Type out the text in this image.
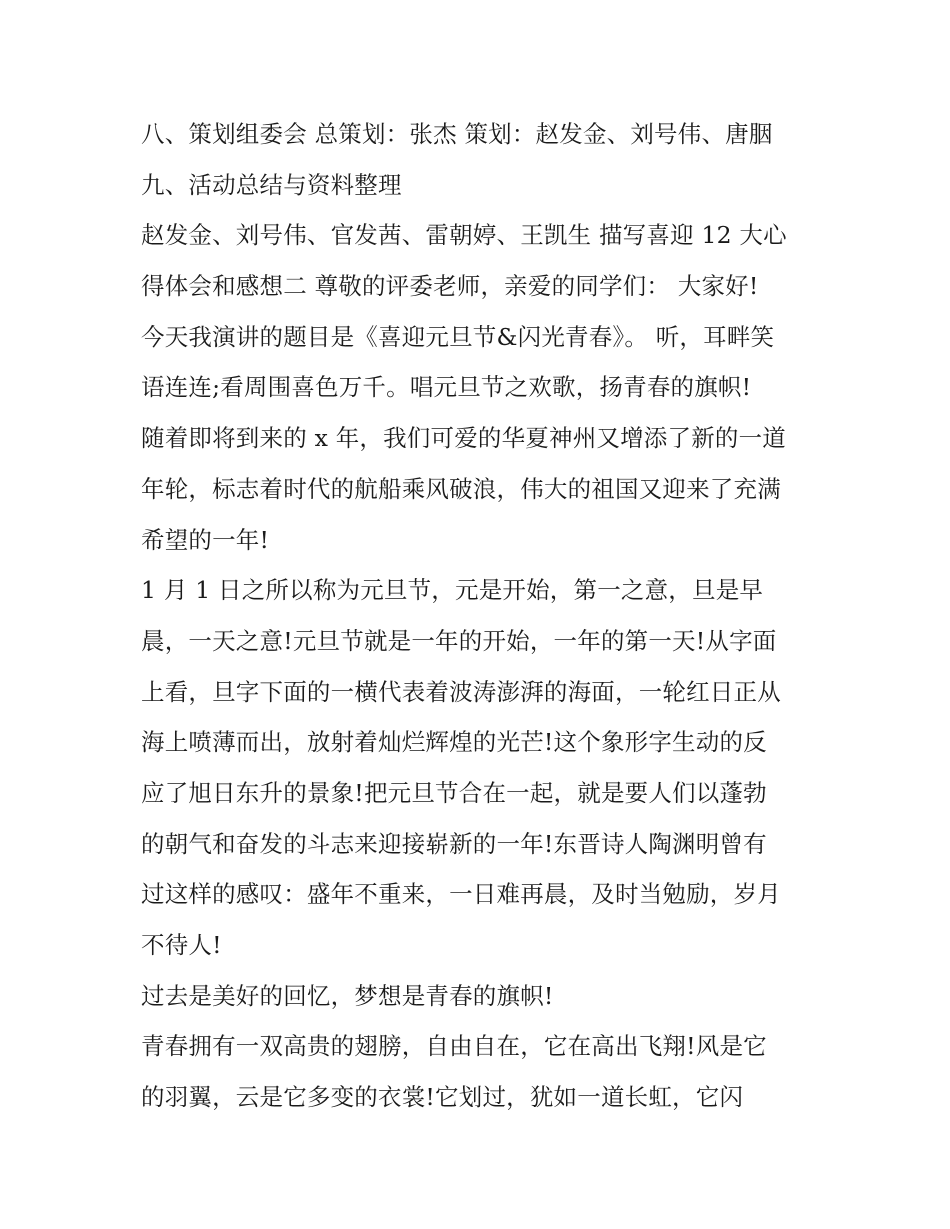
八、策划组委会 总策划：张杰 策划：赵发金、刘号伟、唐胭
九、活动总结与资料整理
赵发金、刘号伟、官发茜、雷朝婷、王凯生 描写喜迎 12 大心
得体会和感想二 尊敬的评委老师，亲爱的同学们： 大家好!
今天我演讲的题目是《喜迎元旦节&闪光青春》。 听，耳畔笑
语连连;看周围喜色万千。唱元旦节之欢歌，扬青春的旗帜!
随着即将到来的 x 年，我们可爱的华夏神州又增添了新的一道
年轮，标志着时代的航船乘风破浪，伟大的祖国又迎来了充满
希望的一年!
1 月 1 日之所以称为元旦节，元是开始，第一之意，旦是早
晨，一天之意!元旦节就是一年的开始，一年的第一天!从字面
上看，旦字下面的一横代表着波涛澎湃的海面，一轮红日正从
海上喷薄而出，放射着灿烂辉煌的光芒!这个象形字生动的反
应了旭日东升的景象!把元旦节合在一起，就是要人们以蓬勃
的朝气和奋发的斗志来迎接崭新的一年!东晋诗人陶渊明曾有
过这样的感叹：盛年不重来，一日难再晨，及时当勉励，岁月
不待人!
过去是美好的回忆，梦想是青春的旗帜!
青春拥有一双高贵的翅膀，自由自在，它在高出飞翔!风是它
的羽翼，云是它多变的衣裳!它划过，犹如一道长虹，它闪
